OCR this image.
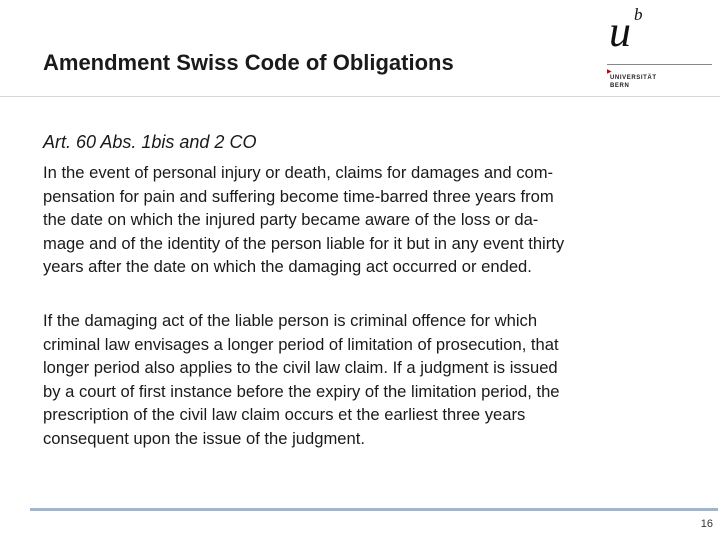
Amendment Swiss Code of Obligations
u b
▶
UNIVERSITÄT
BERN
Art. 60 Abs. 1bis and 2 CO
In the event of personal injury or death, claims for damages and com-
pensation for pain and suffering become time-barred three years from
the date on which the injured party became aware of the loss or da-
mage and of the identity of the person liable for it but in any event thirty
years after the date on which the damaging act occurred or ended.
If the damaging act of the liable person is criminal offence for which
criminal law envisages a longer period of limitation of prosecution, that
longer period also applies to the civil law claim. If a judgment is issued
by a court of first instance before the expiry of the limitation period, the
prescription of the civil law claim occurs et the earliest three years
consequent upon the issue of the judgment.
16
